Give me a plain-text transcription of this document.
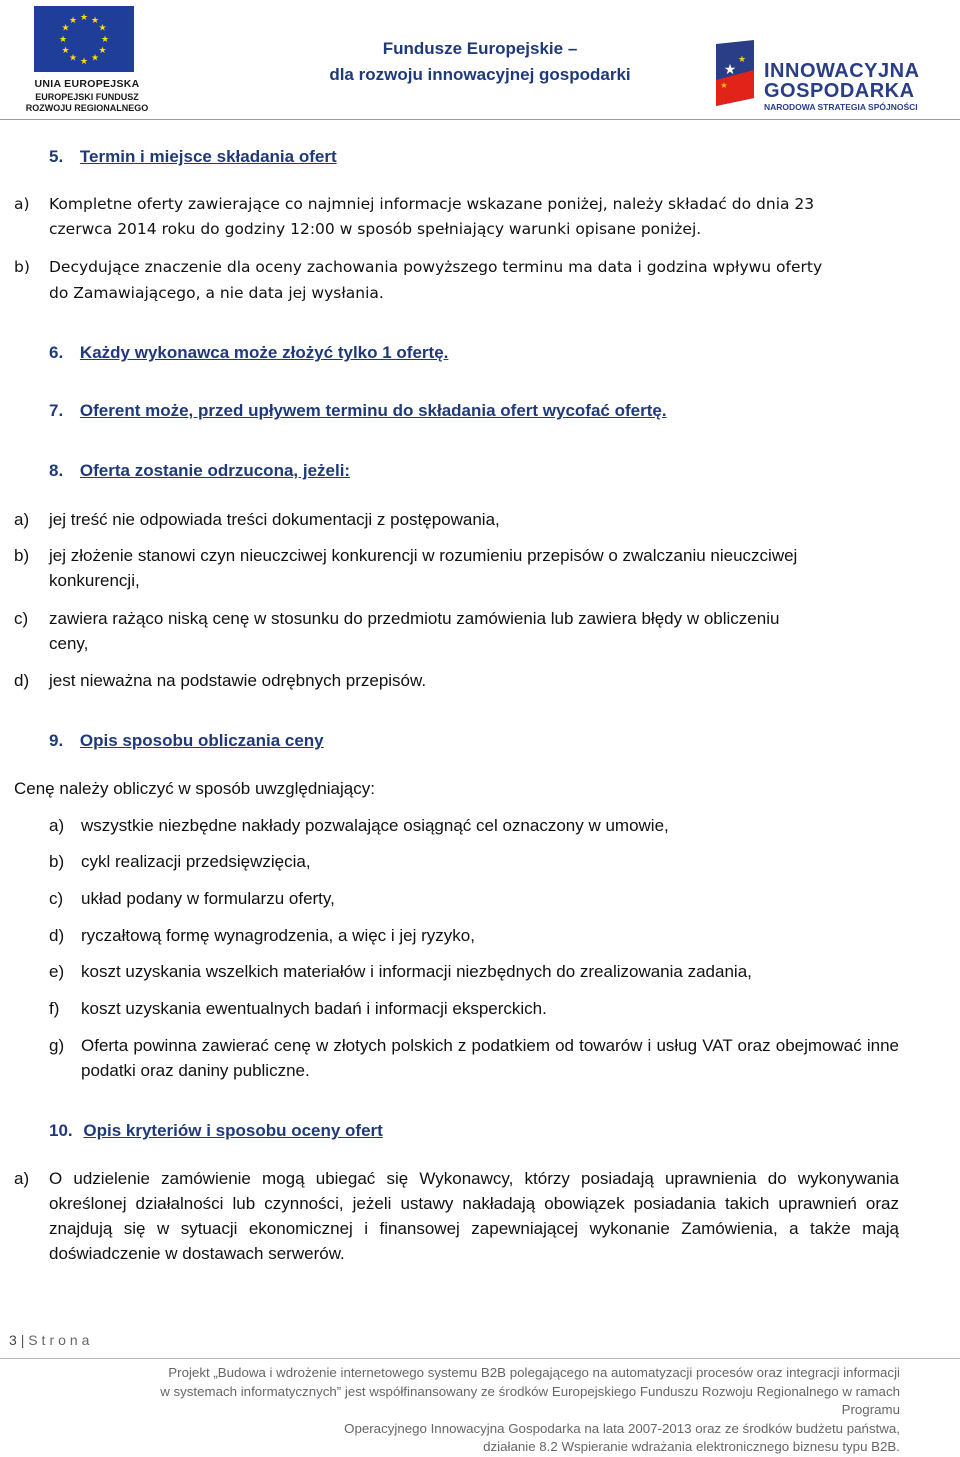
★ ★
★
★
★
★
★
★
★
★
★
★
UNIA EUROPEJSKA
EUROPEJSKI FUNDUSZ
ROZWOJU REGIONALNEGO
Fundusze Europejskie –
dla rozwoju innowacyjnej gospodarki	★
★
★
INNOWACYJNA
GOSPODARKA
NARODOWA STRATEGIA SPÓJNOŚCI
5. Termin i miejsce składania ofert
a) Kompletne oferty zawierające co najmniej informacje wskazane poniżej, należy składać do dnia 23
czerwca 2014 roku do godziny 12:00 w sposób spełniający warunki opisane poniżej.
b) Decydujące znaczenie dla oceny zachowania powyższego terminu ma data i godzina wpływu oferty
do Zamawiającego, a nie data jej wysłania.
6. Każdy wykonawca może złożyć tylko 1 ofertę.
7. Oferent może, przed upływem terminu do składania ofert wycofać ofertę.
8. Oferta zostanie odrzucona, jeżeli:
a) jej treść nie odpowiada treści dokumentacji z postępowania,
b) jej złożenie stanowi czyn nieuczciwej konkurencji w rozumieniu przepisów o zwalczaniu nieuczciwej
konkurencji,
c) zawiera rażąco niską cenę w stosunku do przedmiotu zamówienia lub zawiera błędy w obliczeniu
ceny,
d) jest nieważna na podstawie odrębnych przepisów.
9. Opis sposobu obliczania ceny
Cenę należy obliczyć w sposób uwzględniający:
a) wszystkie niezbędne nakłady pozwalające osiągnąć cel oznaczony w umowie,
b) cykl realizacji przedsięwzięcia,
c) układ podany w formularzu oferty,
d) ryczałtową formę wynagrodzenia, a więc i jej ryzyko,
e) koszt uzyskania wszelkich materiałów i informacji niezbędnych do zrealizowania zadania,
f) koszt uzyskania ewentualnych badań i informacji eksperckich.
g) Oferta powinna zawierać cenę w złotych polskich z podatkiem od towarów i usług VAT oraz obejmować inne podatki oraz daniny publiczne.
10. Opis kryteriów i sposobu oceny ofert
a) O udzielenie zamówienie mogą ubiegać się Wykonawcy, którzy posiadają uprawnienia do wykonywania określonej działalności lub czynności, jeżeli ustawy nakładają obowiązek posiadania takich uprawnień oraz znajdują się w sytuacji ekonomicznej i finansowej zapewniającej wykonanie Zamówienia, a także mają doświadczenie w dostawach serwerów.
3 | Strona
Projekt „Budowa i wdrożenie internetowego systemu B2B polegającego na automatyzacji procesów oraz integracji informacji
w systemach informatycznych” jest współfinansowany ze środków Europejskiego Funduszu Rozwoju Regionalnego w ramach Programu
Operacyjnego Innowacyjna Gospodarka na lata 2007-2013 oraz ze środków budżetu państwa,
działanie 8.2 Wspieranie wdrażania elektronicznego biznesu typu B2B.
